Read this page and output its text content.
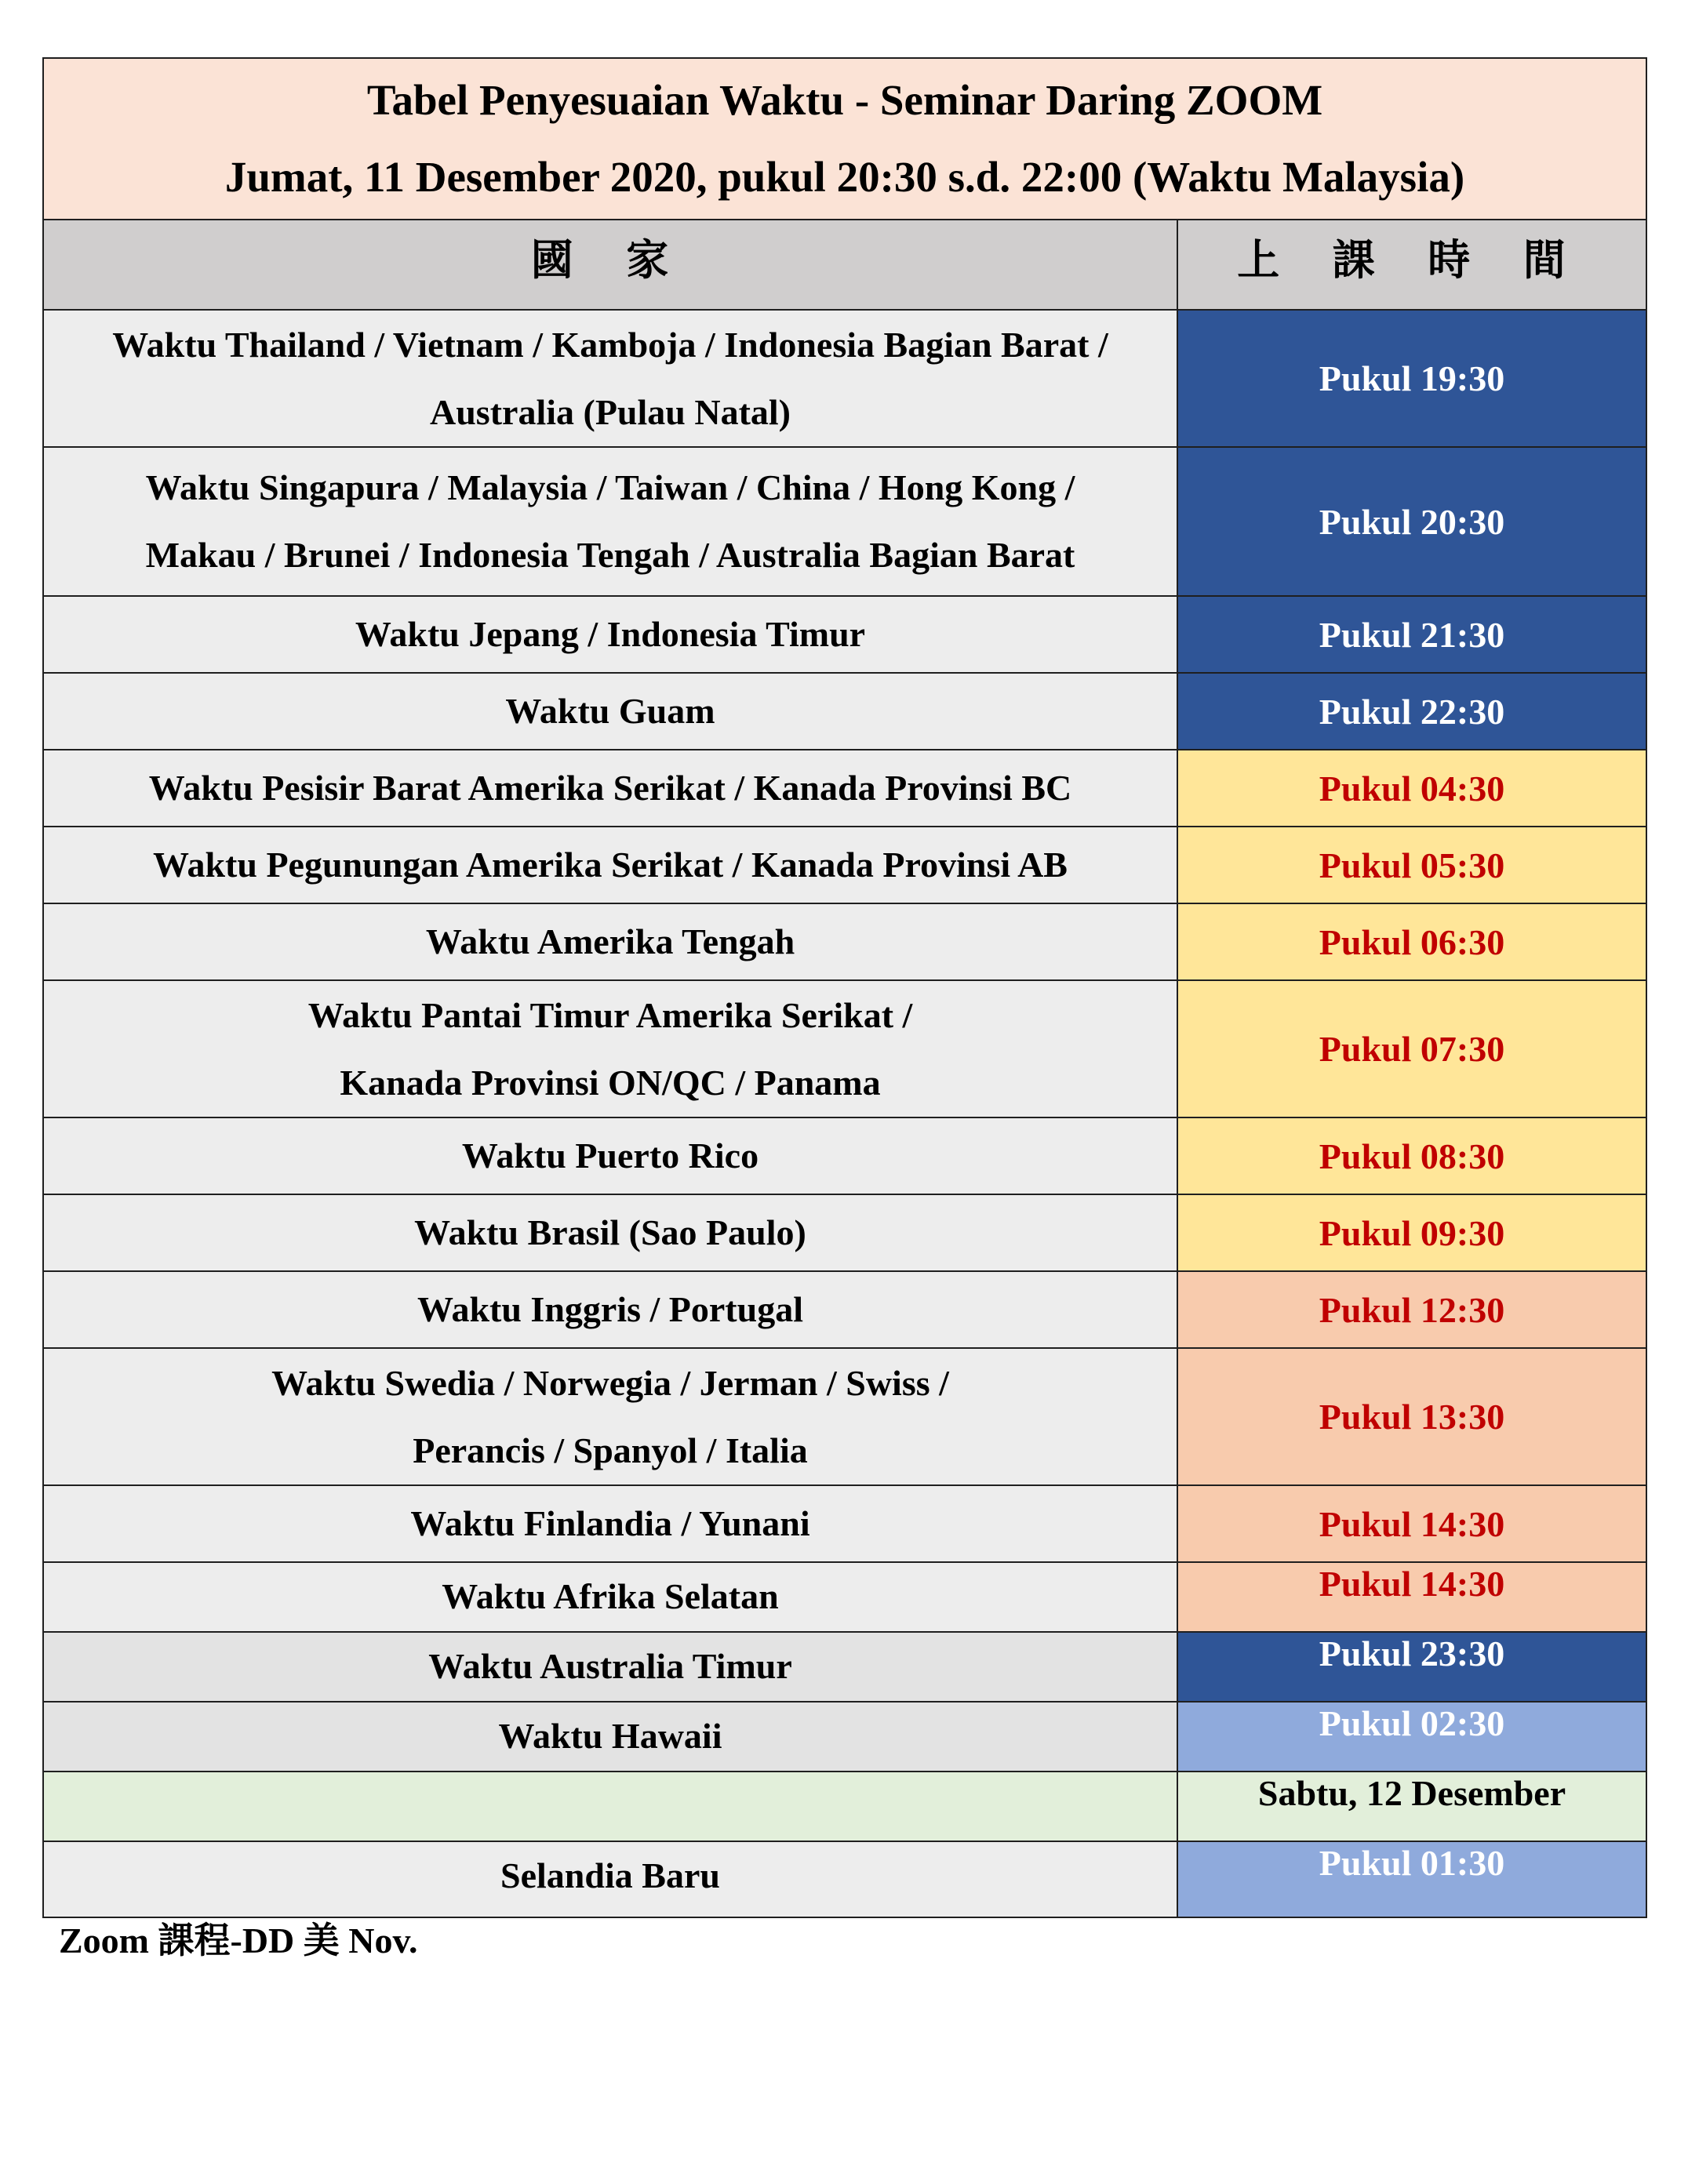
Tabel Penyesuaian Waktu - Seminar Daring ZOOM
Jumat, 11 Desember 2020, pukul 20:30 s.d. 22:00 (Waktu Malaysia)	

國 家	上 課 時 間

Waktu Thailand / Vietnam / Kamboja / Indonesia Bagian Barat /
Australia (Pulau Natal)	Pukul 19:30

Waktu Singapura / Malaysia / Taiwan / China / Hong Kong /
Makau / Brunei / Indonesia Tengah / Australia Bagian Barat	Pukul 20:30
Waktu Jepang / Indonesia Timur	Pukul 21:30
Waktu Guam	Pukul 22:30
Waktu Pesisir Barat Amerika Serikat / Kanada Provinsi BC	Pukul 04:30
Waktu Pegunungan Amerika Serikat / Kanada Provinsi AB	Pukul 05:30
Waktu Amerika Tengah	Pukul 06:30

Waktu Pantai Timur Amerika Serikat /
Kanada Provinsi ON/QC / Panama	Pukul 07:30
Waktu Puerto Rico	Pukul 08:30
Waktu Brasil (Sao Paulo)	Pukul 09:30
Waktu Inggris / Portugal	Pukul 12:30

Waktu Swedia / Norwegia / Jerman / Swiss /
Perancis / Spanyol / Italia	Pukul 13:30
Waktu Finlandia / Yunani	Pukul 14:30
Waktu Afrika Selatan	Pukul 14:30
Waktu Australia Timur	Pukul 23:30
Waktu Hawaii	Pukul 02:30
	Sabtu, 12 Desember
Selandia Baru	Pukul 01:30
Zoom 課程-DD 美 Nov.
